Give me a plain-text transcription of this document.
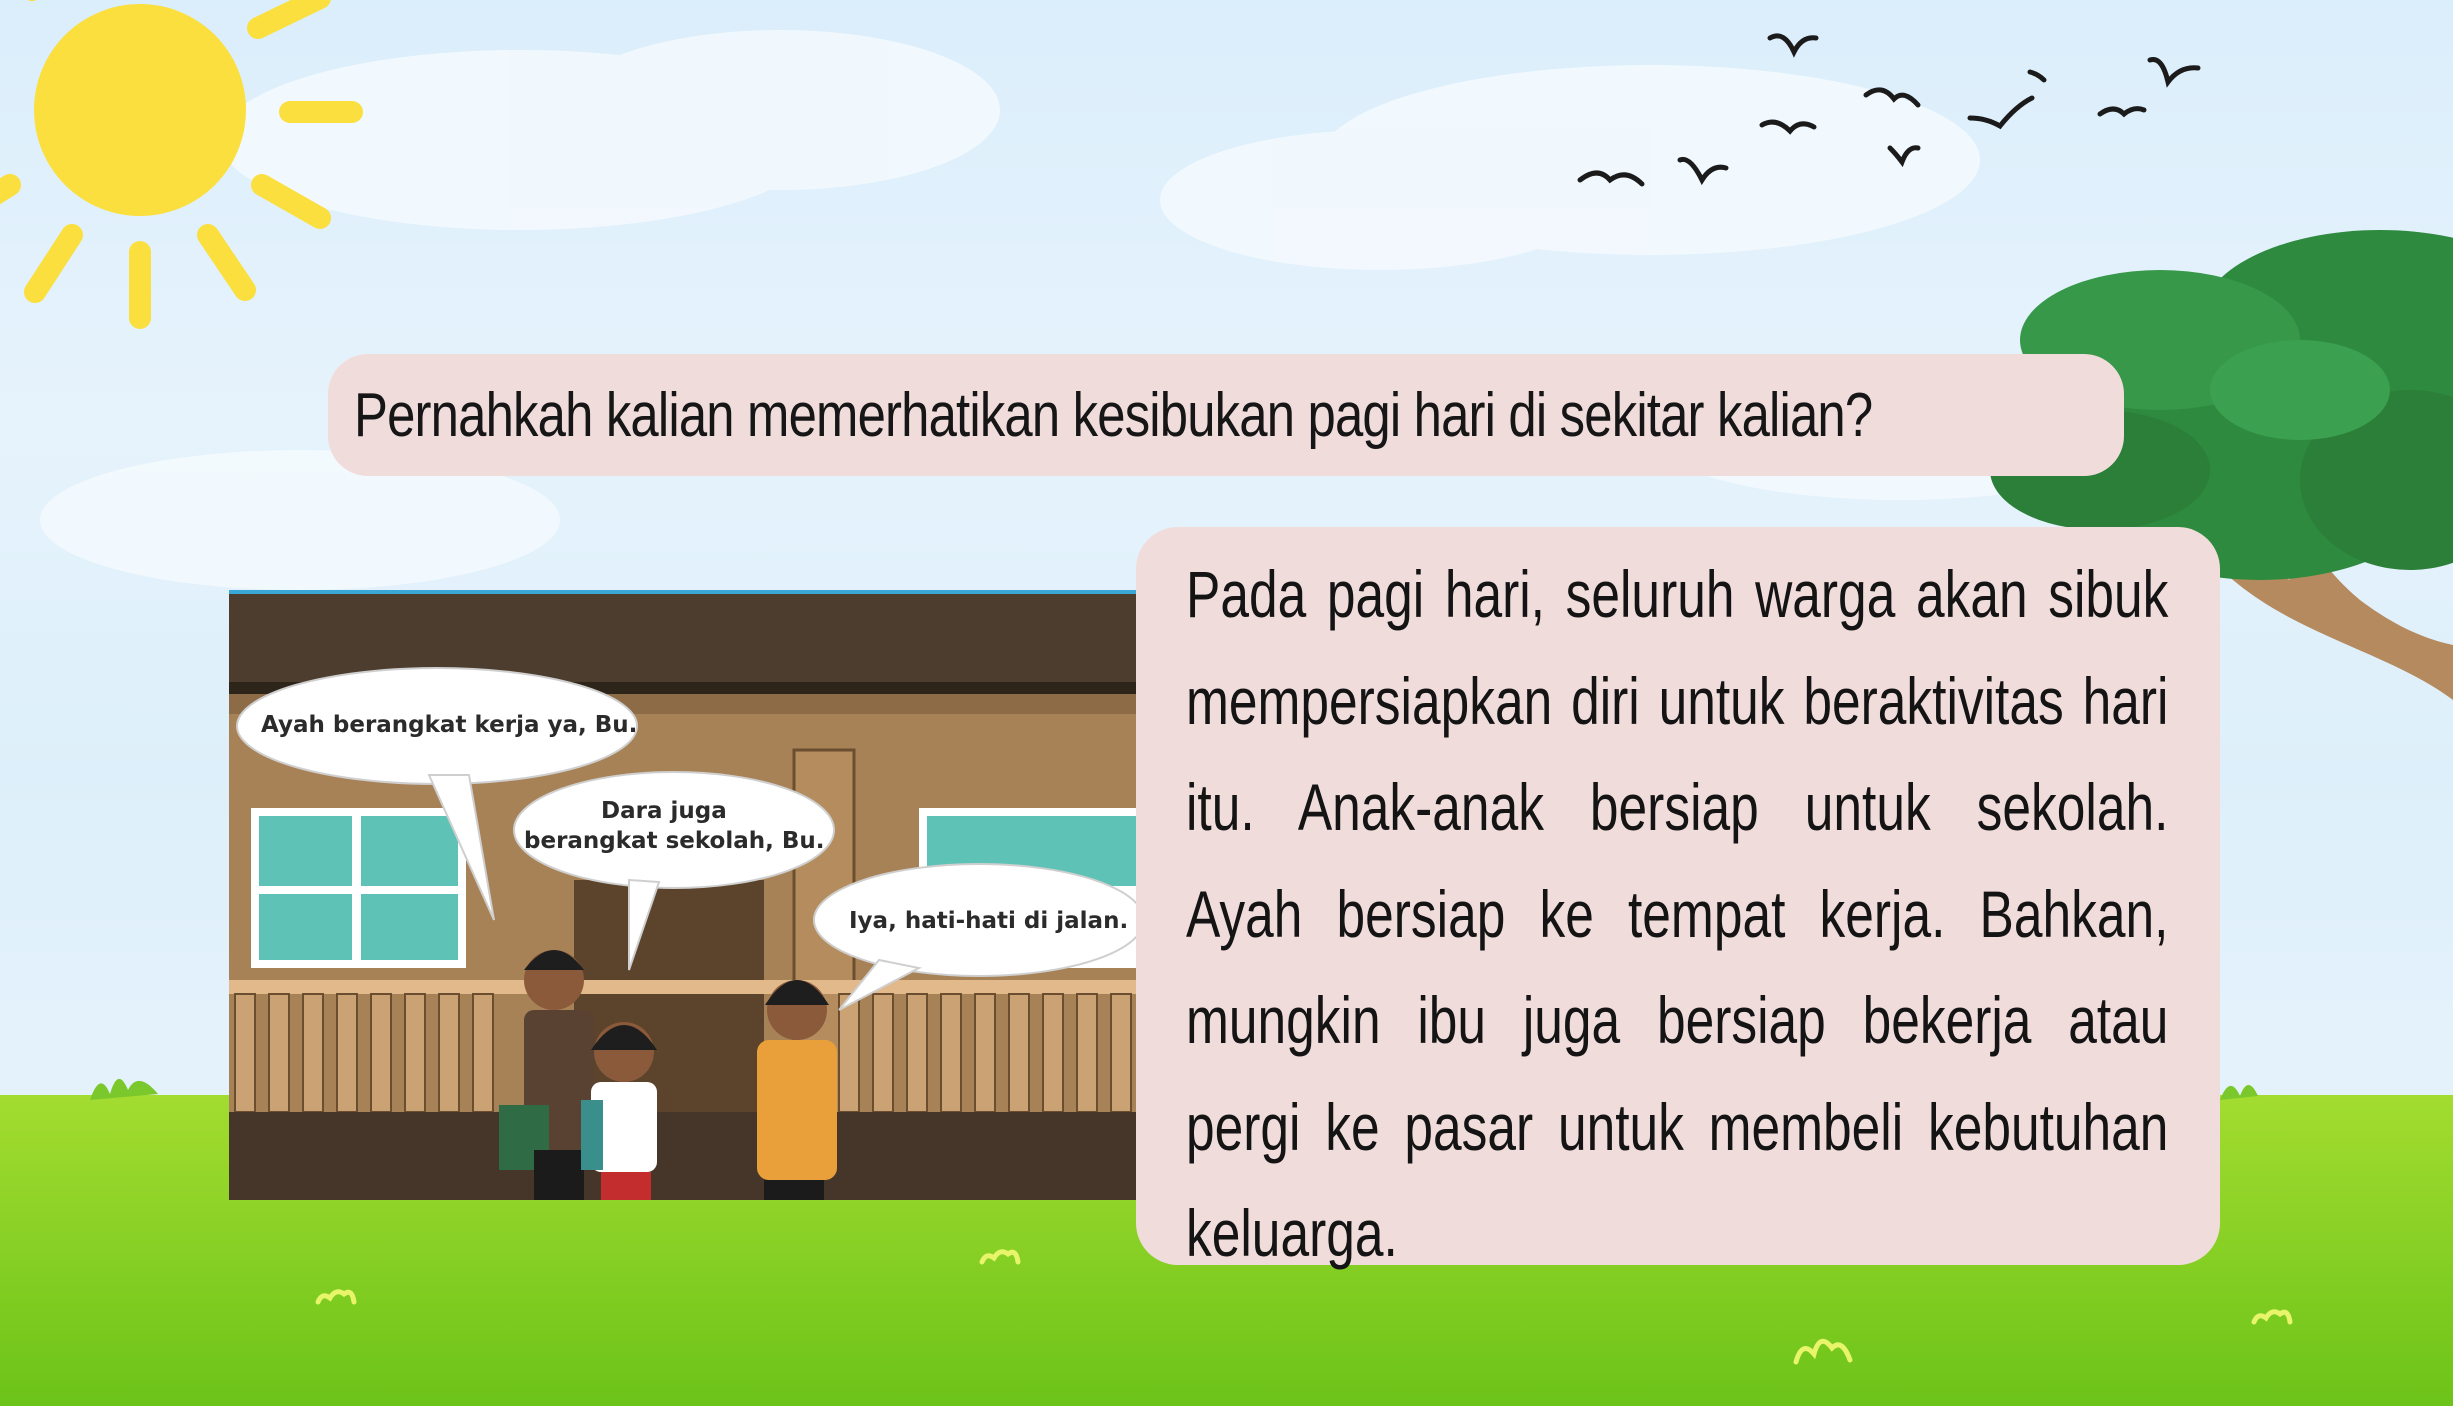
Pernahkah kalian memerhatikan kesibukan pagi hari di sekitar kalian?
Ayah berangkat kerja ya, Bu.
Dara juga
berangkat sekolah, Bu.
Iya, hati-hati di jalan.

Pada pagi hari, seluruh warga akan sibuk mempersiapkan diri untuk beraktivitas hari itu. Anak-anak bersiap untuk sekolah. Ayah bersiap ke tempat kerja. Bahkan, mungkin ibu juga bersiap bekerja atau pergi ke pasar untuk membeli kebutuhan keluarga.
